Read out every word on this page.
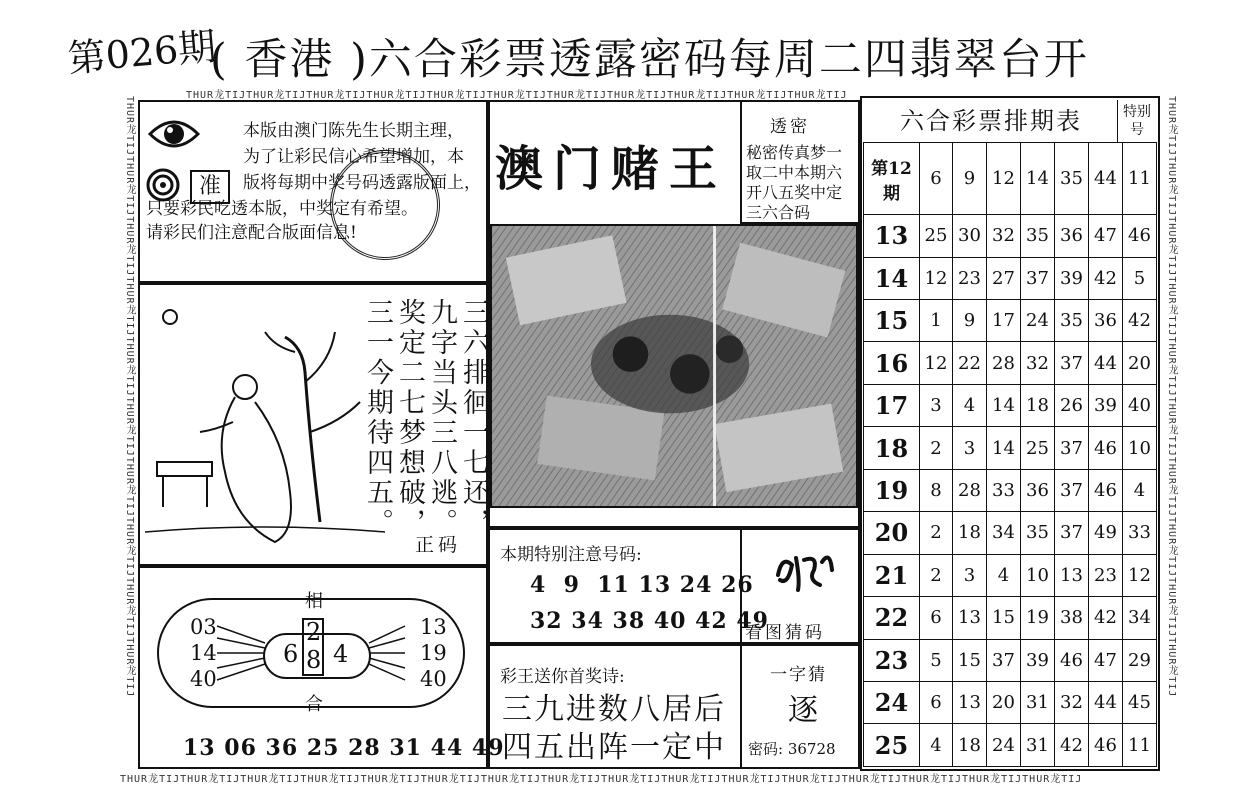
第026期
( 香港 )六合彩票透露密码每周二四翡翠台开
THUR龙TIJTHUR龙TIJTHUR龙TIJTHUR龙TIJTHUR龙TIJTHUR龙TIJTHUR龙TIJTHUR龙TIJTHUR龙TIJTHUR龙TIJTHUR龙TIJ
THUR龙TIJTHUR龙TIJTHUR龙TIJTHUR龙TIJTHUR龙TIJTHUR龙TIJTHUR龙TIJTHUR龙TIJTHUR龙TIJTHUR龙TIJTHUR龙TIJTHUR龙TIJTHUR龙TIJTHUR龙TIJTHUR龙TIJTHUR龙TIJ
THUR龙TIJTHUR龙TIJTHUR龙TIJTHUR龙TIJTHUR龙TIJTHUR龙TIJTHUR龙TIJTHUR龙TIJTHUR龙TIJTHUR龙TIJ	THUR龙TIJTHUR龙TIJTHUR龙TIJTHUR龙TIJTHUR龙TIJTHUR龙TIJTHUR龙TIJTHUR龙TIJTHUR龙TIJTHUR龙TIJ
准
本版由澳门陈先生长期主理，
为了让彩民信心希望增加，本
版将每期中奖号码透露版面上，
只要彩民吃透本版，中奖定有希望。
请彩民们注意配合版面信息!
三六排徊一七还，
九字当头三八逃。
奖定二七梦想破，
三一今期待四五。
正码
相
合
03
14
40
13
19
40
6 4
2
8
13 06 36 25 28 31 44 49
澳门赌王
透密
秘密传真梦一
取二中本期六
开八五奖中定
三六合码
本期特别注意号码:
4  9  11 13 24 26
32 34 38 40 42 49
看图猜码
彩王送你首奖诗:
三九进数八居后
四五出阵一定中
一字猜
逐
密码: 36728
六合彩票排期表	特别号
第12期	6	9	12	14	35	44	11
13	25	30	32	35	36	47	46
14	12	23	27	37	39	42	5
15	1	9	17	24	35	36	42
16	12	22	28	32	37	44	20
17	3	4	14	18	26	39	40
18	2	3	14	25	37	46	10
19	8	28	33	36	37	46	4
20	2	18	34	35	37	49	33
21	2	3	4	10	13	23	12
22	6	13	15	19	38	42	34
23	5	15	37	39	46	47	29
24	6	13	20	31	32	44	45
25	4	18	24	31	42	46	11
